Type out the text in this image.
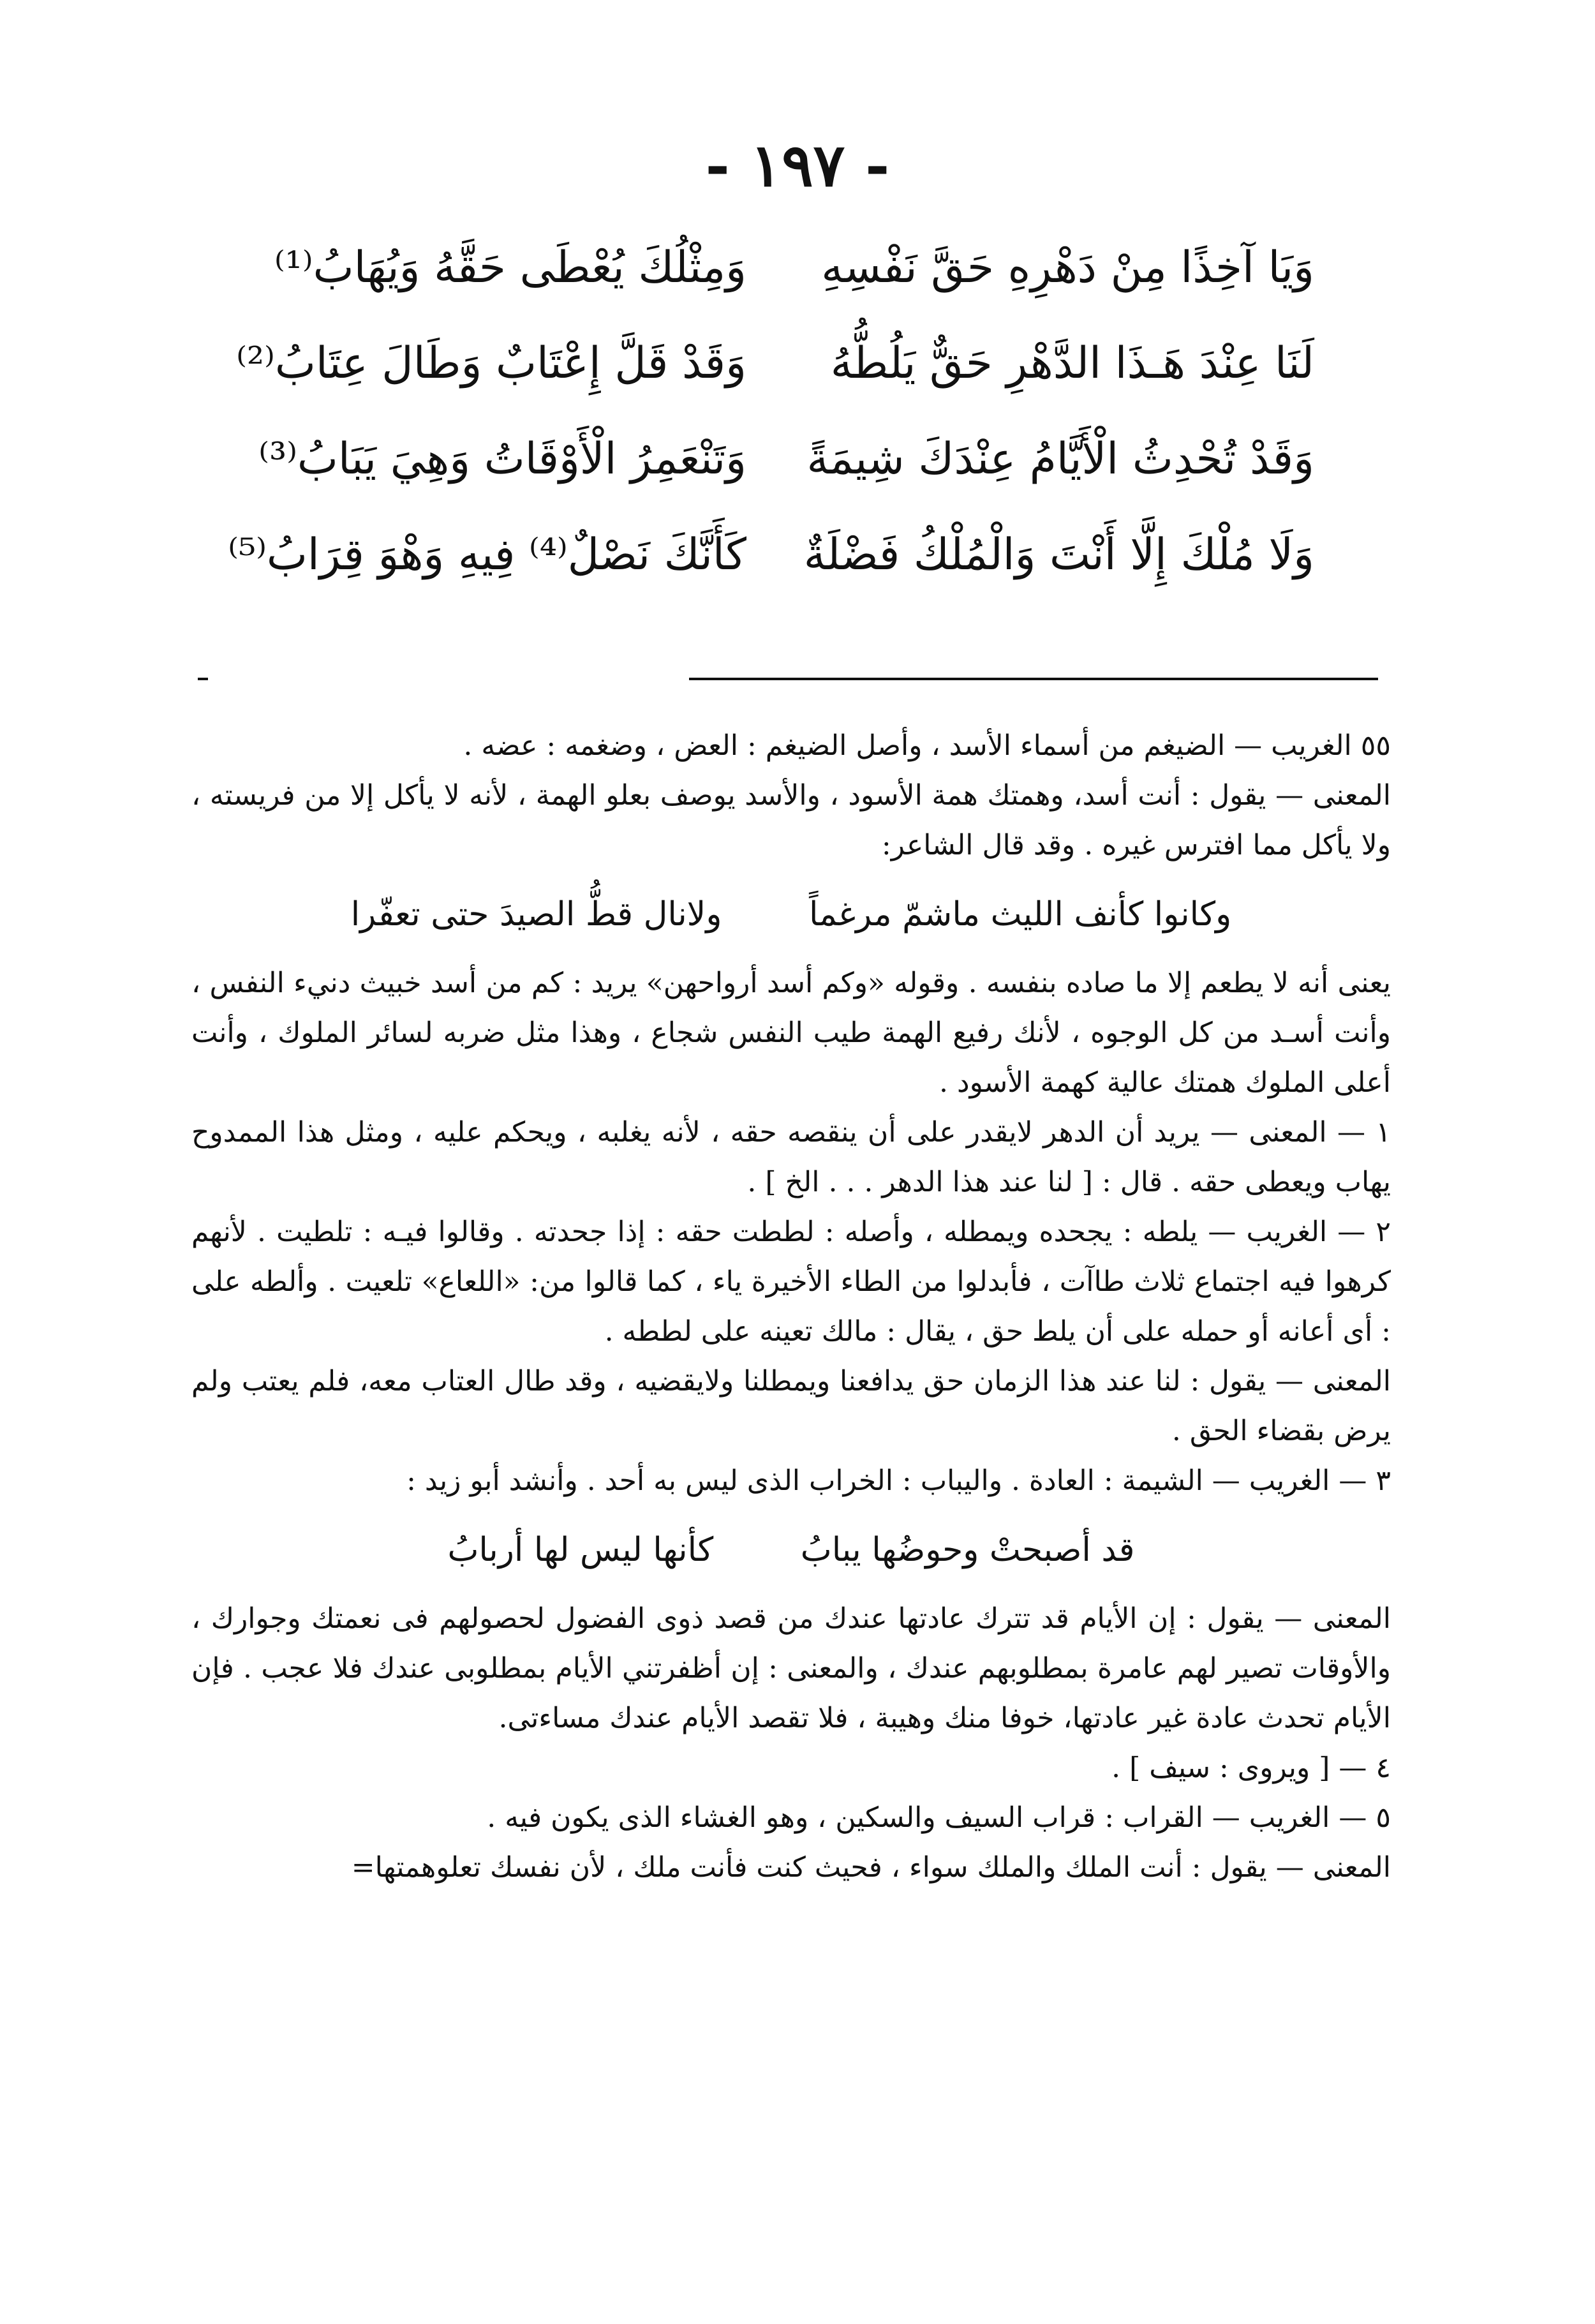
- ١٩٧ -
وَيَا آخِذًا مِنْ دَهْرِهِ حَقَّ نَفْسِهِ
وَمِثْلُكَ يُعْطَى حَقَّهُ وَيُهَابُ⁽¹⁾
لَنَا عِنْدَ هَـذَا الدَّهْرِ حَقٌّ يَلُطُّهُ
وَقَدْ قَلَّ إِعْتَابٌ وَطَالَ عِتَابُ⁽²⁾
وَقَدْ تُحْدِثُ الْأَيَّامُ عِنْدَكَ شِيمَةً
وَتَنْعَمِرُ الْأَوْقَاتُ وَهِيَ يَبَابُ⁽³⁾
وَلَا مُلْكَ إِلَّا أَنْتَ وَالْمُلْكُ فَضْلَةٌ
كَأَنَّكَ نَصْلٌ⁽⁴⁾ فِيهِ وَهْوَ قِرَابُ⁽⁵⁾

٥٥ الغريب — الضيغم من أسماء الأسد ، وأصل الضيغم : العض ، وضغمه : عضه .

المعنى — يقول : أنت أسد، وهمتك همة الأسود ، والأسد يوصف بعلو الهمة ، لأنه لا يأكل إلا من فريسته ، ولا يأكل مما افترس غيره . وقد قال الشاعر:

وكانوا كأنف الليث ماشمّ مرغماً ولانال قطُّ الصيدَ حتى تعفّرا

يعنى أنه لا يطعم إلا ما صاده بنفسه . وقوله «وكم أسد أرواحهن» يريد : كم من أسد خبيث دنيء النفس ، وأنت أسـد من كل الوجوه ، لأنك رفيع الهمة طيب النفس شجاع ، وهذا مثل ضربه لسائر الملوك ، وأنت أعلى الملوك همتك عالية كهمة الأسود .

١ — المعنى — يريد أن الدهر لايقدر على أن ينقصه حقه ، لأنه يغلبه ، ويحكم عليه ، ومثل هذا الممدوح يهاب ويعطى حقه . قال : [ لنا عند هذا الدهر . . . الخ ] .

٢ — الغريب — يلطه : يجحده ويمطله ، وأصله : لططت حقه : إذا جحدته . وقالوا فيـه : تلطيت . لأنهم كرهوا فيه اجتماع ثلاث طاآت ، فأبدلوا من الطاء الأخيرة ياء ، كما قالوا من: «اللعاع» تلعيت . وألطه على : أى أعانه أو حمله على أن يلط حق ، يقال : مالك تعينه على لططه .

المعنى — يقول : لنا عند هذا الزمان حق يدافعنا ويمطلنا ولايقضيه ، وقد طال العتاب معه، فلم يعتب ولم يرض بقضاء الحق .

٣ — الغريب — الشيمة : العادة . واليباب : الخراب الذى ليس به أحد . وأنشد أبو زيد :

قد أصبحتْ وحوضُها يبابُ كأنها ليس لها أربابُ

المعنى — يقول : إن الأيام قد تترك عادتها عندك من قصد ذوى الفضول لحصولهم فى نعمتك وجوارك ، والأوقات تصير لهم عامرة بمطلوبهم عندك ، والمعنى : إن أظفرتني الأيام بمطلوبى عندك فلا عجب . فإن الأيام تحدث عادة غير عادتها، خوفا منك وهيبة ، فلا تقصد الأيام عندك مساءتى.

٤ — [ ويروى : سيف ] .

٥ — الغريب — القراب : قراب السيف والسكين ، وهو الغشاء الذى يكون فيه .

المعنى — يقول : أنت الملك والملك سواء ، فحيث كنت فأنت ملك ، لأن نفسك تعلوهمتها=
